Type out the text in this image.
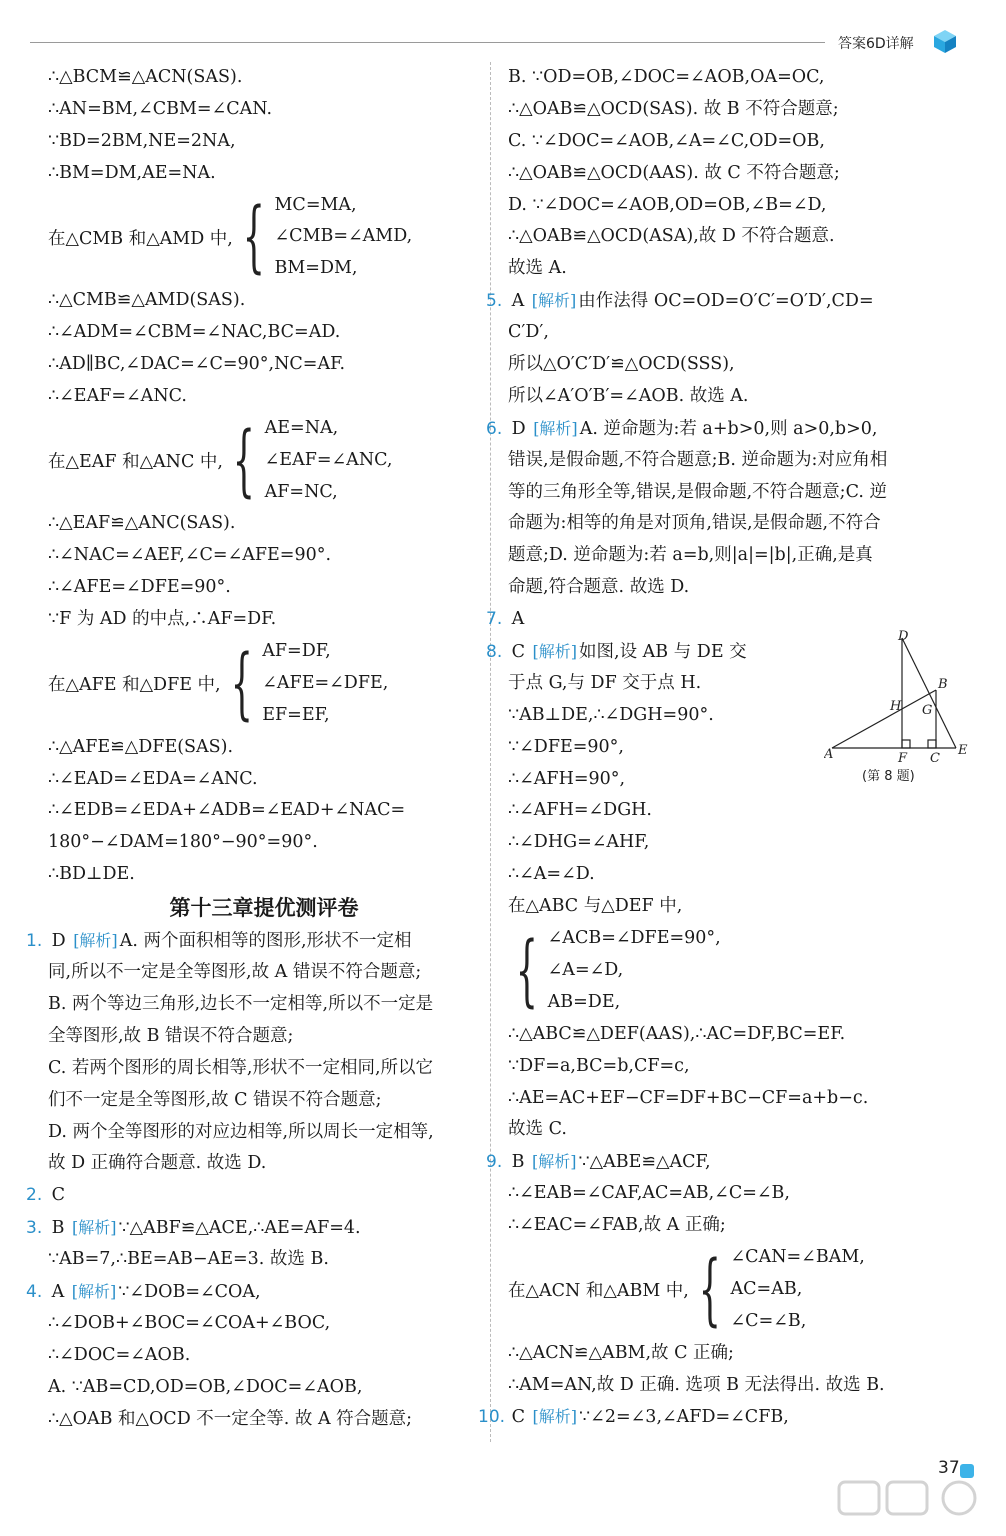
答案6D详解
∴△BCM≌△ACN(SAS).
∴AN=BM,∠CBM=∠CAN.
∵BD=2BM,NE=2NA,
∴BM=DM,AE=NA.
在△CMB 和△AMD 中, { MC=MA,
∠CMB=∠AMD,
BM=DM,
∴△CMB≌△AMD(SAS).
∴∠ADM=∠CBM=∠NAC,BC=AD.
∴AD∥BC,∠DAC=∠C=90°,NC=AF.
∴∠EAF=∠ANC.
在△EAF 和△ANC 中, { AE=NA,
∠EAF=∠ANC,
AF=NC,
∴△EAF≌△ANC(SAS).
∴∠NAC=∠AEF,∠C=∠AFE=90°.
∴∠AFE=∠DFE=90°.
∵F 为 AD 的中点,∴AF=DF.
在△AFE 和△DFE 中, { AF=DF,
∠AFE=∠DFE,
EF=EF,
∴△AFE≌△DFE(SAS).
∴∠EAD=∠EDA=∠ANC.
∴∠EDB=∠EDA+∠ADB=∠EAD+∠NAC=
180°−∠DAM=180°−90°=90°.
∴BD⊥DE.
第十三章提优测评卷
1. D [解析] A. 两个面积相等的图形,形状不一定相
同,所以不一定是全等图形,故 A 错误不符合题意;
B. 两个等边三角形,边长不一定相等,所以不一定是
全等图形,故 B 错误不符合题意;
C. 若两个图形的周长相等,形状不一定相同,所以它
们不一定是全等图形,故 C 错误不符合题意;
D. 两个全等图形的对应边相等,所以周长一定相等,
故 D 正确符合题意. 故选 D.
2. C
3. B [解析] ∵△ABF≌△ACE,∴AE=AF=4.
∵AB=7,∴BE=AB−AE=3. 故选 B.
4. A [解析] ∵∠DOB=∠COA,
∴∠DOB+∠BOC=∠COA+∠BOC,
∴∠DOC=∠AOB.
A. ∵AB=CD,OD=OB,∠DOC=∠AOB,
∴△OAB 和△OCD 不一定全等. 故 A 符合题意;
B. ∵OD=OB,∠DOC=∠AOB,OA=OC,
∴△OAB≌△OCD(SAS). 故 B 不符合题意;
C. ∵∠DOC=∠AOB,∠A=∠C,OD=OB,
∴△OAB≌△OCD(AAS). 故 C 不符合题意;
D. ∵∠DOC=∠AOB,OD=OB,∠B=∠D,
∴△OAB≌△OCD(ASA),故 D 不符合题意.
故选 A.
5. A [解析] 由作法得 OC=OD=O′C′=O′D′,CD=
C′D′,
所以△O′C′D′≌△OCD(SSS),
所以∠A′O′B′=∠AOB. 故选 A.
6. D [解析] A. 逆命题为:若 a+b>0,则 a>0,b>0,
错误,是假命题,不符合题意;B. 逆命题为:对应角相
等的三角形全等,错误,是假命题,不符合题意;C. 逆
命题为:相等的角是对顶角,错误,是假命题,不符合
题意;D. 逆命题为:若 a=b,则|a|=|b|,正确,是真
命题,符合题意. 故选 D.
7. A
8. C [解析] 如图,设 AB 与 DE 交
于点 G,与 DF 交于点 H.
∵AB⊥DE,∴∠DGH=90°.
∵∠DFE=90°,
∴∠AFH=90°,
∴∠AFH=∠DGH.
∴∠DHG=∠AHF,
∴∠A=∠D.
在△ABC 与△DEF 中,
{ ∠ACB=∠DFE=90°,
∠A=∠D,
AB=DE,
∴△ABC≌△DEF(AAS),∴AC=DF,BC=EF.
∵DF=a,BC=b,CF=c,
∴AE=AC+EF−CF=DF+BC−CF=a+b−c.
故选 C.
D
B
H G
A	F C
E
(第 8 题)
9. B [解析] ∵△ABE≌△ACF,
∴∠EAB=∠CAF,AC=AB,∠C=∠B,
∴∠EAC=∠FAB,故 A 正确;
在△ACN 和△ABM 中, { ∠CAN=∠BAM,
AC=AB,
∠C=∠B,
∴△ACN≌△ABM,故 C 正确;
∴AM=AN,故 D 正确. 选项 B 无法得出. 故选 B.
10. C [解析] ∵∠2=∠3,∠AFD=∠CFB,
37
